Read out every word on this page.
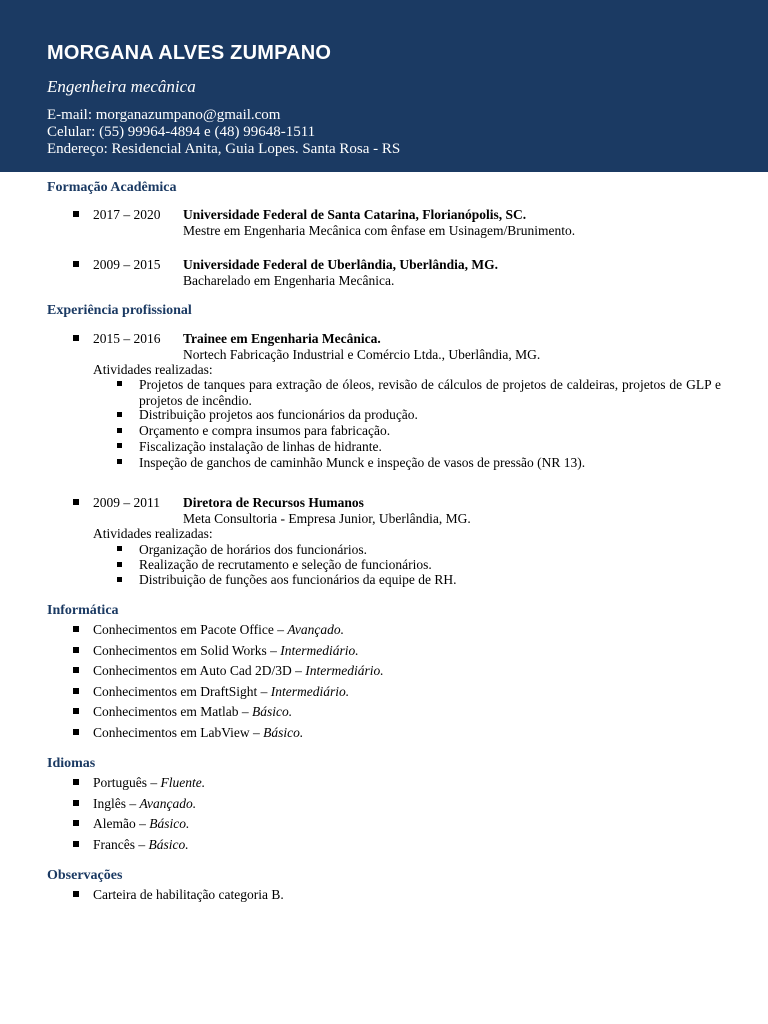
MORGANA ALVES ZUMPANO
Engenheira mecânica
E-mail: morganazumpano@gmail.com
Celular: (55) 99964-4894 e (48) 99648-1511
Endereço: Residencial Anita, Guia Lopes. Santa Rosa - RS
Formação Acadêmica
2017 – 2020 Universidade Federal de Santa Catarina, Florianópolis, SC.
Mestre em Engenharia Mecânica com ênfase em Usinagem/Brunimento.
2009 – 2015 Universidade Federal de Uberlândia, Uberlândia, MG.
Bacharelado em Engenharia Mecânica.
Experiência profissional
2015 – 2016 Trainee em Engenharia Mecânica.
Nortech Fabricação Industrial e Comércio Ltda., Uberlândia, MG.
Atividades realizadas:
Projetos de tanques para extração de óleos, revisão de cálculos de projetos de caldeiras, projetos de GLP e projetos de incêndio.
Distribuição projetos aos funcionários da produção.
Orçamento e compra insumos para fabricação.
Fiscalização instalação de linhas de hidrante.
Inspeção de ganchos de caminhão Munck e inspeção de vasos de pressão (NR 13).
2009 – 2011 Diretora de Recursos Humanos
Meta Consultoria - Empresa Junior, Uberlândia, MG.
Atividades realizadas:
Organização de horários dos funcionários.
Realização de recrutamento e seleção de funcionários.
Distribuição de funções aos funcionários da equipe de RH.
Informática
Conhecimentos em Pacote Office – Avançado.
Conhecimentos em Solid Works – Intermediário.
Conhecimentos em Auto Cad 2D/3D – Intermediário.
Conhecimentos em DraftSight – Intermediário.
Conhecimentos em Matlab – Básico.
Conhecimentos em LabView – Básico.
Idiomas
Português – Fluente.
Inglês – Avançado.
Alemão – Básico.
Francês – Básico.
Observações
Carteira de habilitação categoria B.
